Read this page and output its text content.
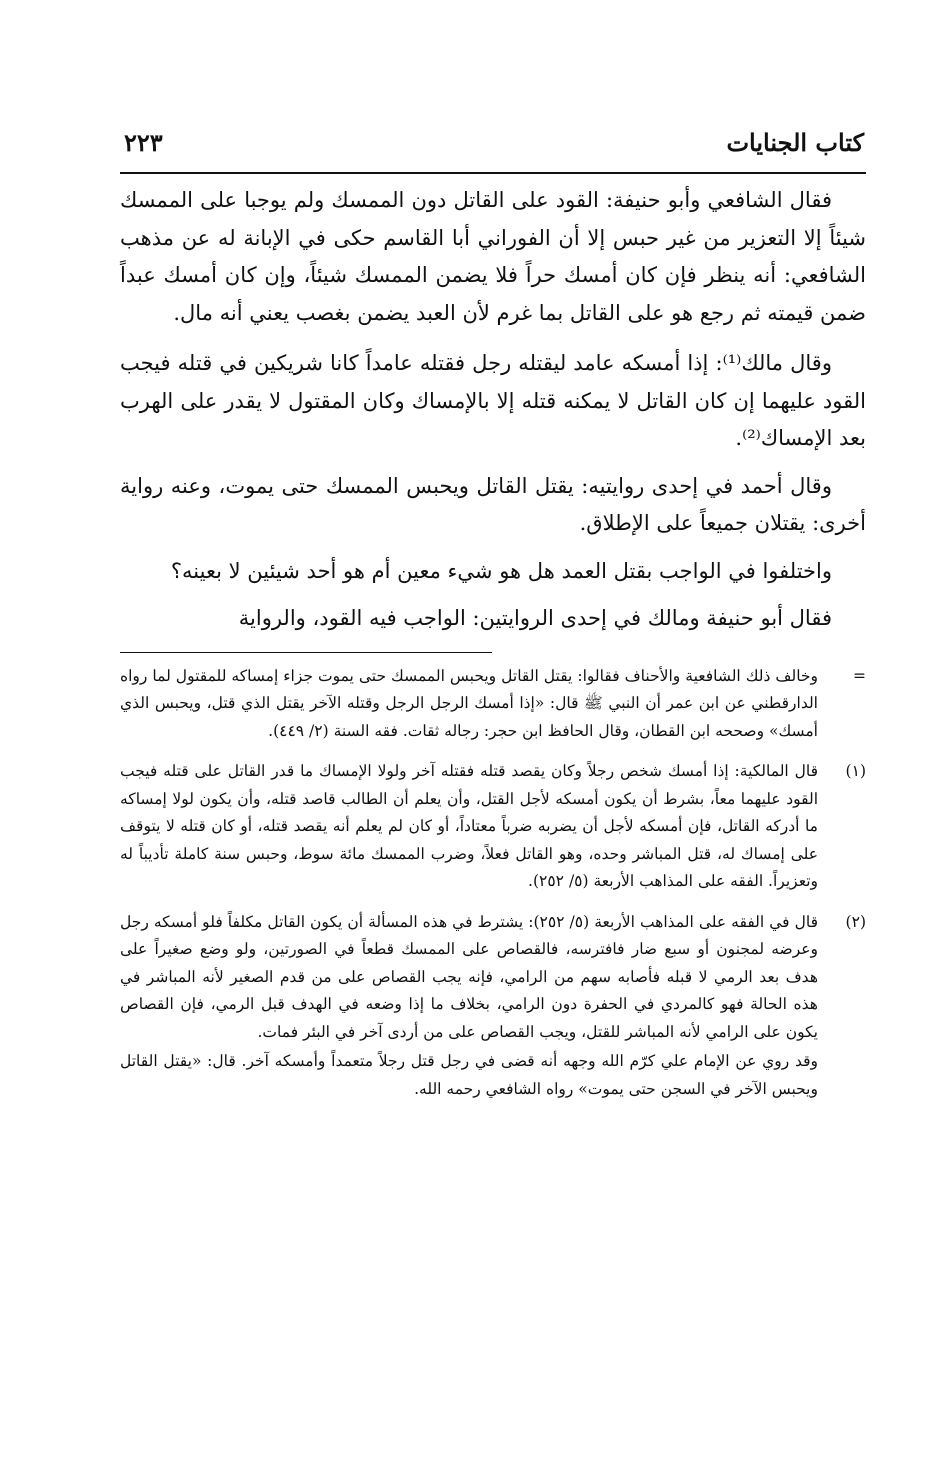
كتاب الجنايات
٢٢٣

فقال الشافعي وأبو حنيفة: القود على القاتل دون الممسك ولم يوجبا على الممسك شيئاً إلا التعزير من غير حبس إلا أن الفوراني أبا القاسم حكى في الإبانة له عن مذهب الشافعي: أنه ينظر فإن كان أمسك حراً فلا يضمن الممسك شيئاً، وإن كان أمسك عبداً ضمن قيمته ثم رجع هو على القاتل بما غرم لأن العبد يضمن بغصب يعني أنه مال.

وقال مالك⁽¹⁾: إذا أمسكه عامد ليقتله رجل فقتله عامداً كانا شريكين في قتله فيجب القود عليهما إن كان القاتل لا يمكنه قتله إلا بالإمساك وكان المقتول لا يقدر على الهرب بعد الإمساك⁽²⁾.

وقال أحمد في إحدى روايتيه: يقتل القاتل ويحبس الممسك حتى يموت، وعنه رواية أخرى: يقتلان جميعاً على الإطلاق.

واختلفوا في الواجب بقتل العمد هل هو شيء معين أم هو أحد شيئين لا بعينه؟

فقال أبو حنيفة ومالك في إحدى الروايتين: الواجب فيه القود، والرواية

=
وخالف ذلك الشافعية والأحناف فقالوا: يقتل القاتل ويحبس الممسك حتى يموت جزاء إمساكه للمقتول لما رواه الدارقطني عن ابن عمر أن النبي ﷺ قال: «إذا أمسك الرجل الرجل وقتله الآخر يقتل الذي قتل، ويحبس الذي أمسك» وصححه ابن القطان، وقال الحافظ ابن حجر: رجاله ثقات. فقه السنة (٢/ ٤٤٩).
(١)
قال المالكية: إذا أمسك شخص رجلاً وكان يقصد قتله فقتله آخر ولولا الإمساك ما قدر القاتل على قتله فيجب القود عليهما معاً، بشرط أن يكون أمسكه لأجل القتل، وأن يعلم أن الطالب قاصد قتله، وأن يكون لولا إمساكه ما أدركه القاتل، فإن أمسكه لأجل أن يضربه ضرباً معتاداً، أو كان لم يعلم أنه يقصد قتله، أو كان قتله لا يتوقف على إمساك له، قتل المباشر وحده، وهو القاتل فعلاً، وضرب الممسك مائة سوط، وحبس سنة كاملة تأديباً له وتعزيراً. الفقه على المذاهب الأربعة (٥/ ٢٥٢).
(٢)
قال في الفقه على المذاهب الأربعة (٥/ ٢٥٢): يشترط في هذه المسألة أن يكون القاتل مكلفاً فلو أمسكه رجل وعرضه لمجنون أو سبع ضار فافترسه، فالقصاص على الممسك قطعاً في الصورتين، ولو وضع صغيراً على هدف بعد الرمي لا قبله فأصابه سهم من الرامي، فإنه يجب القصاص على من قدم الصغير لأنه المباشر في هذه الحالة فهو كالمردي في الحفرة دون الرامي، بخلاف ما إذا وضعه في الهدف قبل الرمي، فإن القصاص يكون على الرامي لأنه المباشر للقتل، ويجب القصاص على من أردى آخر في البئر فمات.
وقد روي عن الإمام علي كرّم الله وجهه أنه قضى في رجل قتل رجلاً متعمداً وأمسكه آخر. قال: «يقتل القاتل ويحبس الآخر في السجن حتى يموت» رواه الشافعي رحمه الله.
